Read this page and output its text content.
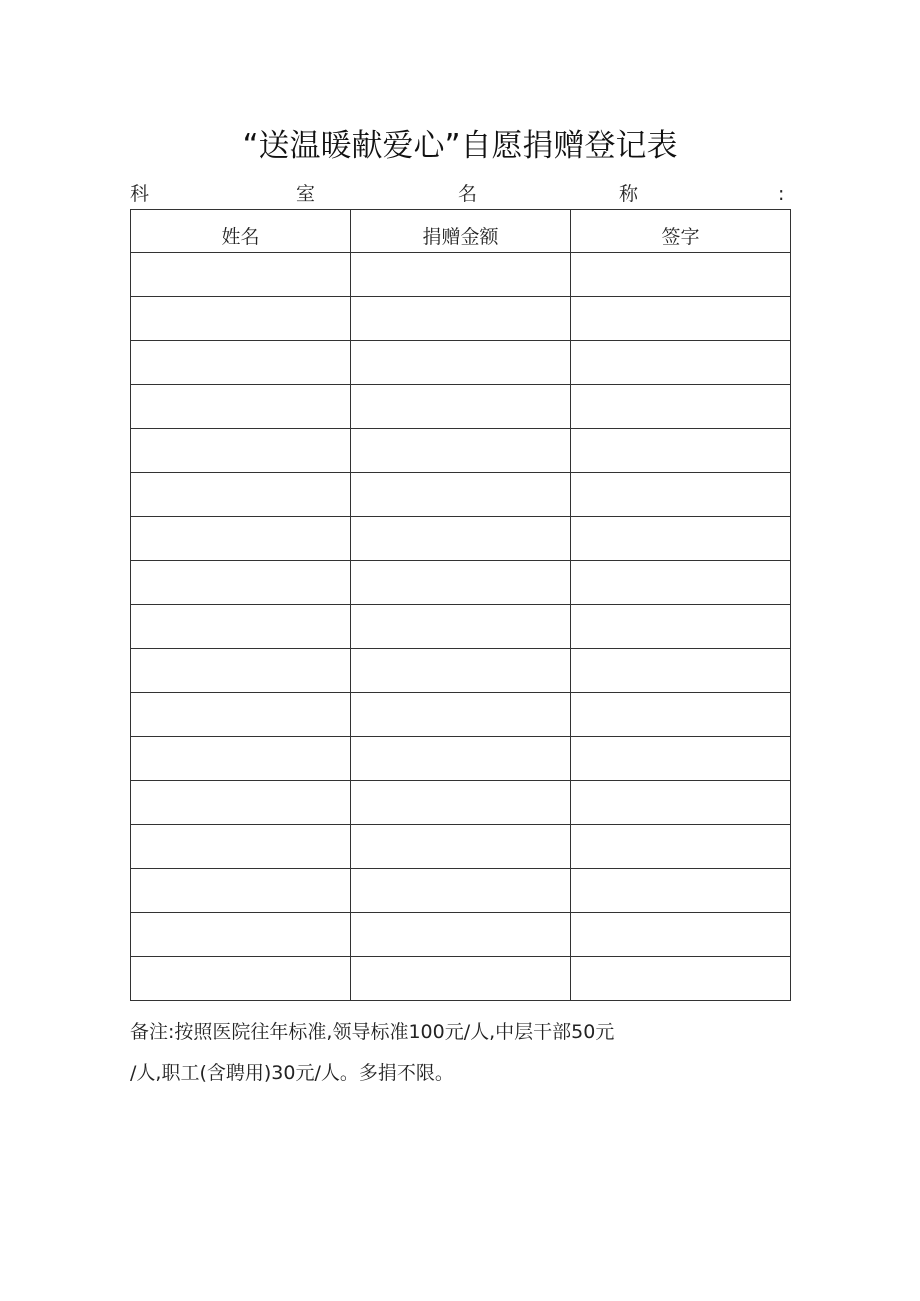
“送温暖献爱心”自愿捐赠登记表
科	室	名	称	:
姓名	捐赠金额	签字

备注:按照医院往年标准,领导标准100元/人,中层干部50元
/人,职工(含聘用)30元/人。多捐不限。
